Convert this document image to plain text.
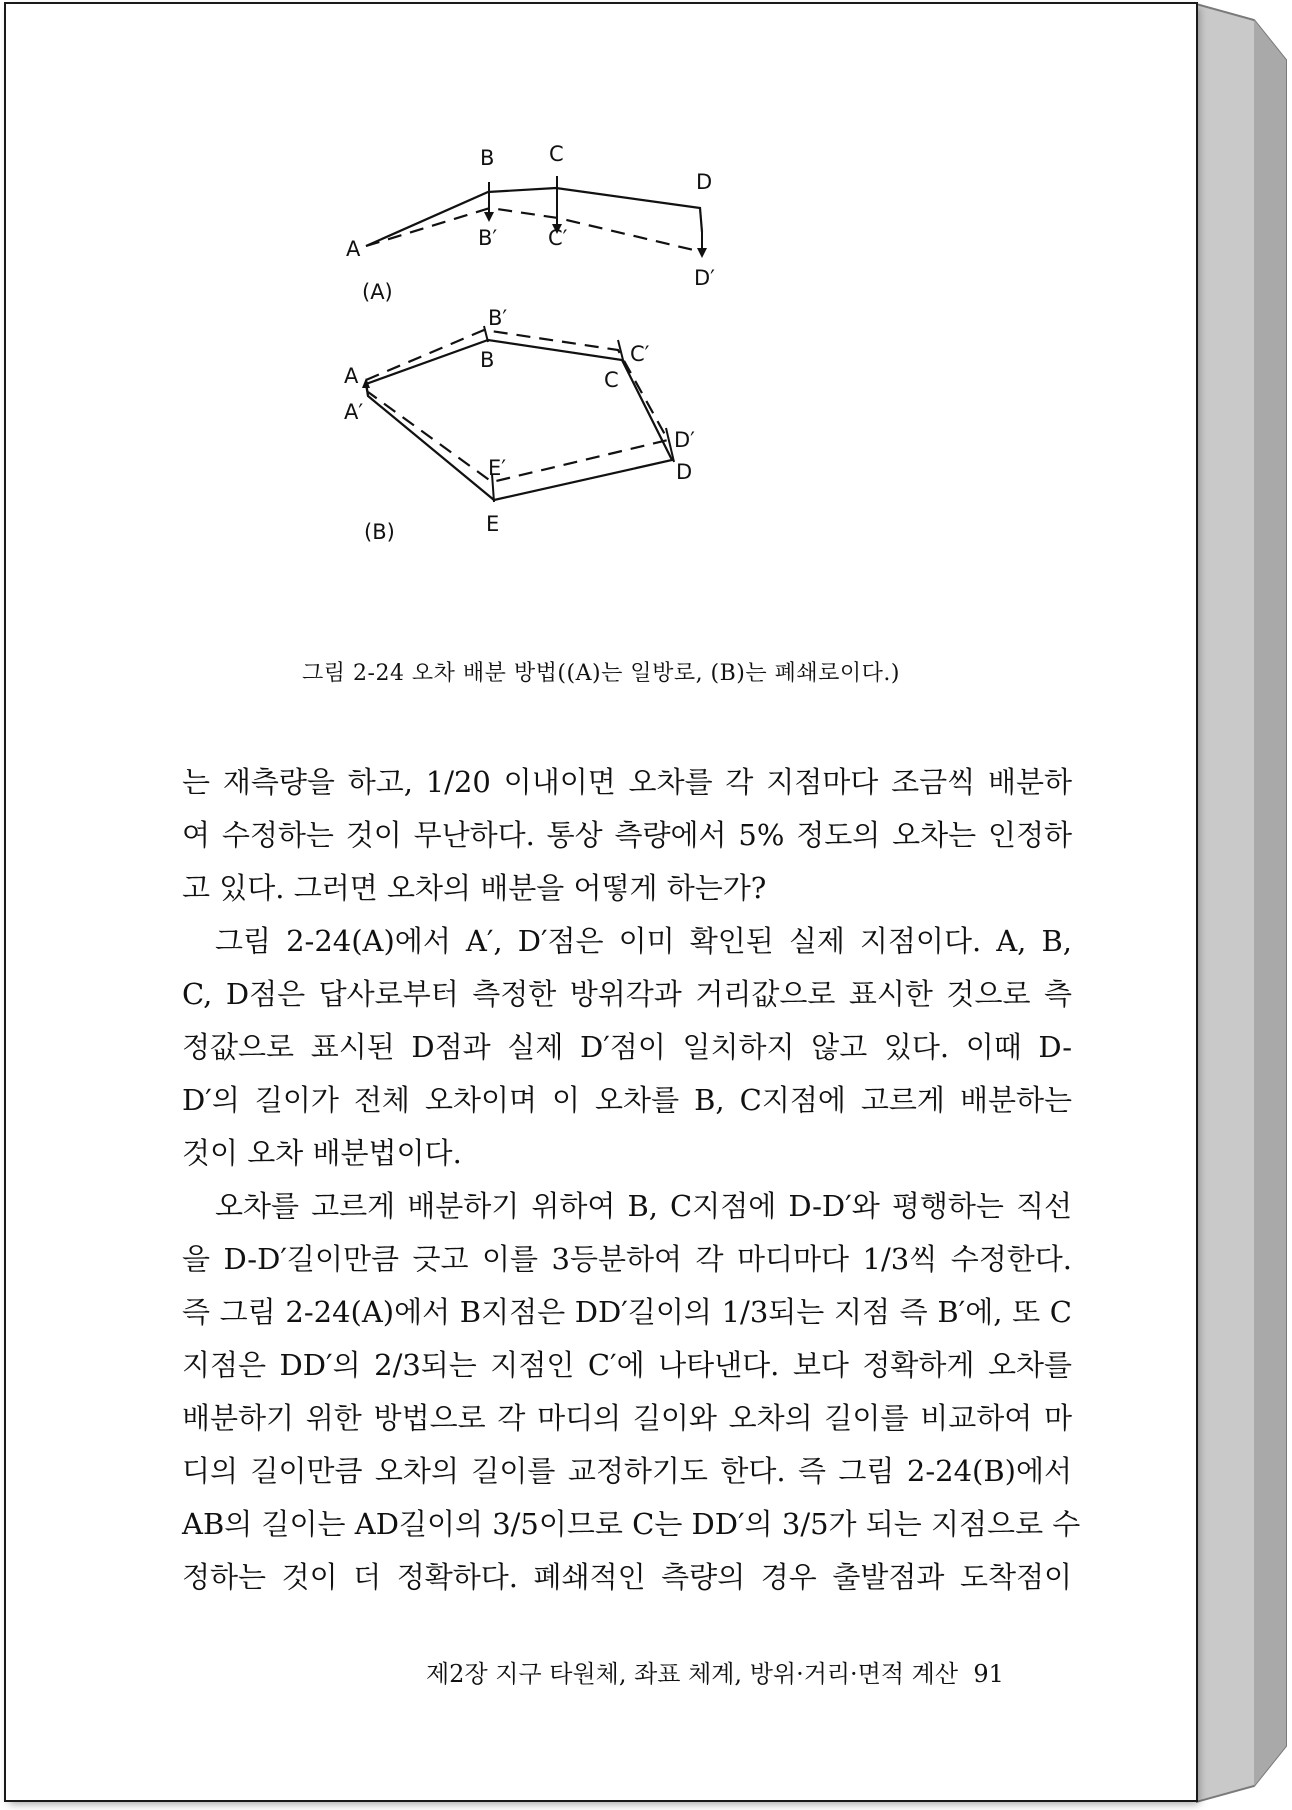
A
B	C
D
B′ C′
D′
(A)
A
A′
B
B′
C
C′
D
D′
E
E′
(B)
그림 2-24 오차 배분 방법((A)는 일방로, (B)는 폐쇄로이다.)
는 재측량을 하고, 1/20 이내이면 오차를 각 지점마다 조금씩 배분하
여 수정하는 것이 무난하다. 통상 측량에서 5% 정도의 오차는 인정하
고 있다. 그러면 오차의 배분을 어떻게 하는가?
그림 2-24(A)에서 A′, D′점은 이미 확인된 실제 지점이다. A, B,
C, D점은 답사로부터 측정한 방위각과 거리값으로 표시한 것으로 측
정값으로 표시된 D점과 실제 D′점이 일치하지 않고 있다. 이때 D-
D′의 길이가 전체 오차이며 이 오차를 B, C지점에 고르게 배분하는
것이 오차 배분법이다.
오차를 고르게 배분하기 위하여 B, C지점에 D-D′와 평행하는 직선
을 D-D′길이만큼 긋고 이를 3등분하여 각 마디마다 1/3씩 수정한다.
즉 그림 2-24(A)에서 B지점은 DD′길이의 1/3되는 지점 즉 B′에, 또 C
지점은 DD′의 2/3되는 지점인 C′에 나타낸다. 보다 정확하게 오차를
배분하기 위한 방법으로 각 마디의 길이와 오차의 길이를 비교하여 마
디의 길이만큼 오차의 길이를 교정하기도 한다. 즉 그림 2-24(B)에서
AB의 길이는 AD길이의 3/5이므로 C는 DD′의 3/5가 되는 지점으로 수
정하는 것이 더 정확하다. 폐쇄적인 측량의 경우 출발점과 도착점이
제2장 지구 타원체, 좌표 체계, 방위·거리·면적 계산 91
